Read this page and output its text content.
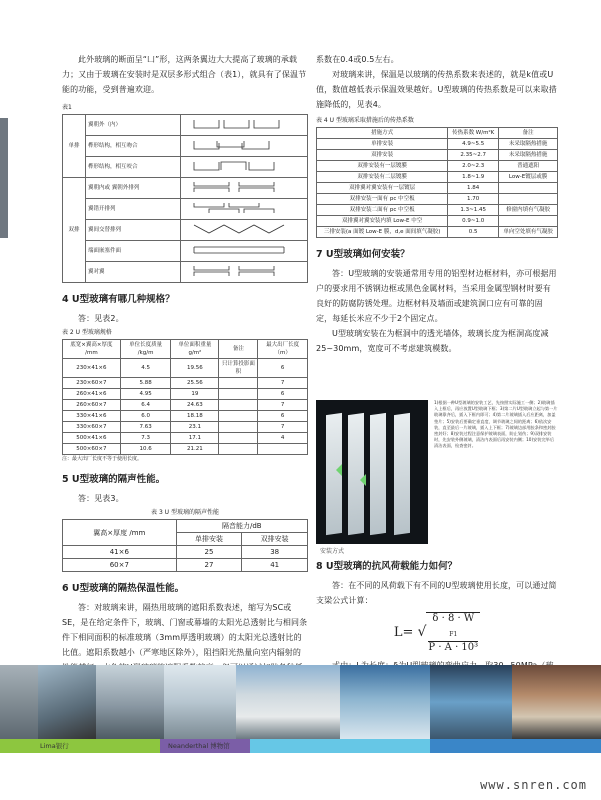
此外玻璃的断面呈“凵”形，这两条翼边大大提高了玻璃的承载力；又由于玻璃在安装时是双层多形式组合（表1），就具有了保温节能的功能，受到普遍欢迎。

表1
单排	翼朝外（内）	
	榫形结构，相互吻合	
	榫形结构，相互咬合	
双排	翼朝内或 翼朝外排列	
	翼错开排列	
	翼间交替排列	
	端面嵌塞件面	
	翼对翼	
4 U型玻璃有哪几种规格？

答：见表2。

表 2 U 型玻璃规格
底宽×翼高×厚度 /mm	单位长度质量 /kg/m	单位面积重量 g/m²	备注	最大出厂长度（m）
230×41×6	4.5	19.56	只计算投影面积	6
230×60×7	5.88	25.56		7
260×41×6	4.95	19		6
260×60×7	6.4	24.63		7
330×41×6	6.0	18.18		6
330×60×7	7.63	23.1		7
500×41×6	7.3	17.1		4
500×60×7	10.6	21.21		
注：最大出厂长度不等于使用长度。
5 U型玻璃的隔声性能。

答：见表3。

表 3 U 型玻璃的隔声性能
翼高×厚度 /mm	隔音能力/dB	
	单排安装	双排安装
41×6	25	38
60×7	27	41
6 U型玻璃的隔热保温性能。

答：对玻璃来讲，隔热用玻璃的遮阳系数表述，缩写为SC或SE，是在给定条件下，玻璃、门窗或幕墙的太阳光总透射比与相同条件下相同面积的标准玻璃（3mm厚透明玻璃）的太阳光总透射比的比值。遮阳系数越小（严寒地区除外），阻挡阳光热量向室内辐射的

系数在0.4或0.5左右。

对玻璃来讲，保温是以玻璃的传热系数来表述的，就是k值或U值，数值越低表示保温效果越好。U型玻璃的传热系数是可以来取措施降低的，见表4。

表 4 U 型玻璃采取措施后的传热系数
措施方式	传热系数 W/m²K	备注
单排安装	4.9~5.5	未采取隔热措施
双排安装	2.35~2.7	未采取隔热措施
双排安装有一层镀膜	2.0~2.3	普通遮阳
双排安装有二层镀膜	1.8~1.9	Low-E镀层或膜
双排翼对翼安装有一层镀层	1.84	
双排安装一面有 pc 中空板	1.70	
双排安装二面有 pc 中空板	1.3~1.45	修窗内填有气凝胶
双排翼对翼安装内填 Low-E 中空	0.9~1.0	
三排安装(a 面镀 Low-E 膜，d,e 面间填气凝胶)	0.5	单向空处填有气凝胶
7 U型玻璃如何安装？

答：U型玻璃的安装通常用专用的铝型材边框材料，亦可根据用户的要求用不锈钢边框或黑色金属材料，当采用金属型钢材时要有良好的防腐防锈处理。边框材料及墙面或建筑洞口应有可靠的固定，每延长米应不少于2个固定点。

U型玻璃安装在为框洞中的透光墙体，玻璃长度为框洞高度减25~30mm，宽度可不考虑建筑模数。

1)根据一种U型玻璃的安装工艺，先按照实际施工一侧；2)玻璃插入上框后，再应放置U型玻璃下框；3)第二片U型玻璃立起与第一片玻璃靠齐后，插入下框内即可；4)第二片玻璃插入后应距离，加盖垫片；5)安装后要确定垂直度，调节玻璃之间的距离；6)依次安装，直至最后一片玻璃，插入上下框；7)玻璃边部用胶条和密封胶密封好；8)安装过程注意保护玻璃表面，防止划伤；9)双排安装时，先安装外侧玻璃，清洁内表面后再安装内侧；10)安装完毕后清洁表面，检查密封。
安装方式
8 U型玻璃的抗风荷载能力如何？

答：在不同的风荷载下有不同的U型玻璃使用长度，可以通过简支梁公式计算：

L= √ δ · 8 · W
$_{F1}$
P · A · 10³

Lima银行	Neanderthal 博物馆
www.snren.com
